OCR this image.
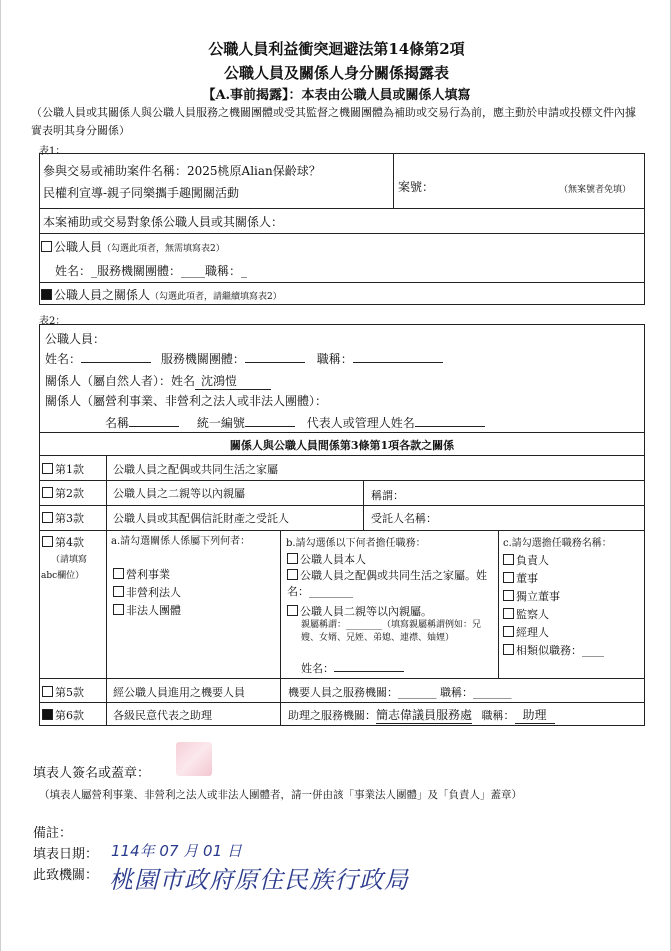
公職人員利益衝突迴避法第14條第2項
公職人員及關係人身分關係揭露表
【A.事前揭露】：本表由公職人員或關係人填寫
（公職人員或其關係人與公職人員服務之機關團體或受其監督之機關團體為補助或交易行為前，應主動於申請或投標文件內據實表明其身分關係）
表1：
參與交易或補助案件名稱：2025桃原Alian保齡球？
民權利宣導-親子同樂攜手趣闖關活動	案號：	（無案號者免填）
本案補助或交易對象係公職人員或其關係人：
公職人員（勾選此項者，無需填寫表2）
姓名：_服務機關團體：____職稱：_
公職人員之關係人（勾選此項者，請繼續填寫表2）
表2：
公職人員：
姓名：	服務機關團體：	職稱：
關係人（屬自然人者）：姓名 沈鴻愷
關係人（屬營利事業、非營利之法人或非法人團體）：
名稱	統一編號	代表人或管理人姓名
關係人與公職人員間係第3條第1項各款之關係
第1款	公職人員之配偶或共同生活之家屬
第2款	公職人員之二親等以內親屬	稱謂：
第3款	公職人員或其配偶信託財產之受託人	受託人名稱：
第4款
（請填寫
abc欄位）
a.請勾選關係人係屬下列何者：
營利事業
非營利法人
非法人團體
b.請勾選係以下何者擔任職務：
公職人員本人
公職人員之配偶或共同生活之家屬。姓名：________
公職人員二親等以內親屬。
親屬稱謂：________（填寫親屬稱謂例如：兄嫂、女婿、兄姪、弟媳、連襟、妯娌）
姓名：
c.請勾選擔任職務名稱：
負責人
董事
獨立董事
監察人
經理人
相類似職務：____
第5款	經公職人員進用之機要人員	機要人員之服務機關：_______ 職稱：_______
第6款	各級民意代表之助理	助理之服務機關：簡志偉議員服務處 職稱： 助理
填表人簽名或蓋章：
（填表人屬營利事業、非營利之法人或非法人團體者，請一併由該「事業法人團體」及「負責人」蓋章）
備註：
填表日期： 114年 07 月 01 日
此致機關： 桃園市政府原住民族行政局
